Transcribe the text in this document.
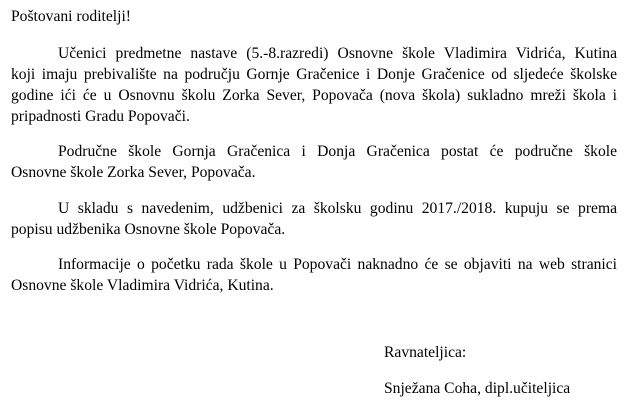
Poštovani roditelji!
Učenici predmetne nastave (5.-8.razredi) Osnovne škole Vladimira Vidrića, Kutina
koji imaju prebivalište na području Gornje Gračenice i Donje Gračenice od sljedeće školske
godine ići će u Osnovnu školu Zorka Sever, Popovača (nova škola) sukladno mreži škola i
pripadnosti Gradu Popovači.
Područne škole Gornja Gračenica i Donja Gračenica postat će područne škole
Osnovne škole Zorka Sever, Popovača.
U skladu s navedenim, udžbenici za školsku godinu 2017./2018. kupuju se prema
popisu udžbenika Osnovne škole Popovača.
Informacije o početku rada škole u Popovači naknadno će se objaviti na web stranici
Osnovne škole Vladimira Vidrića, Kutina.
Ravnateljica:
Snježana Coha, dipl.učiteljica
